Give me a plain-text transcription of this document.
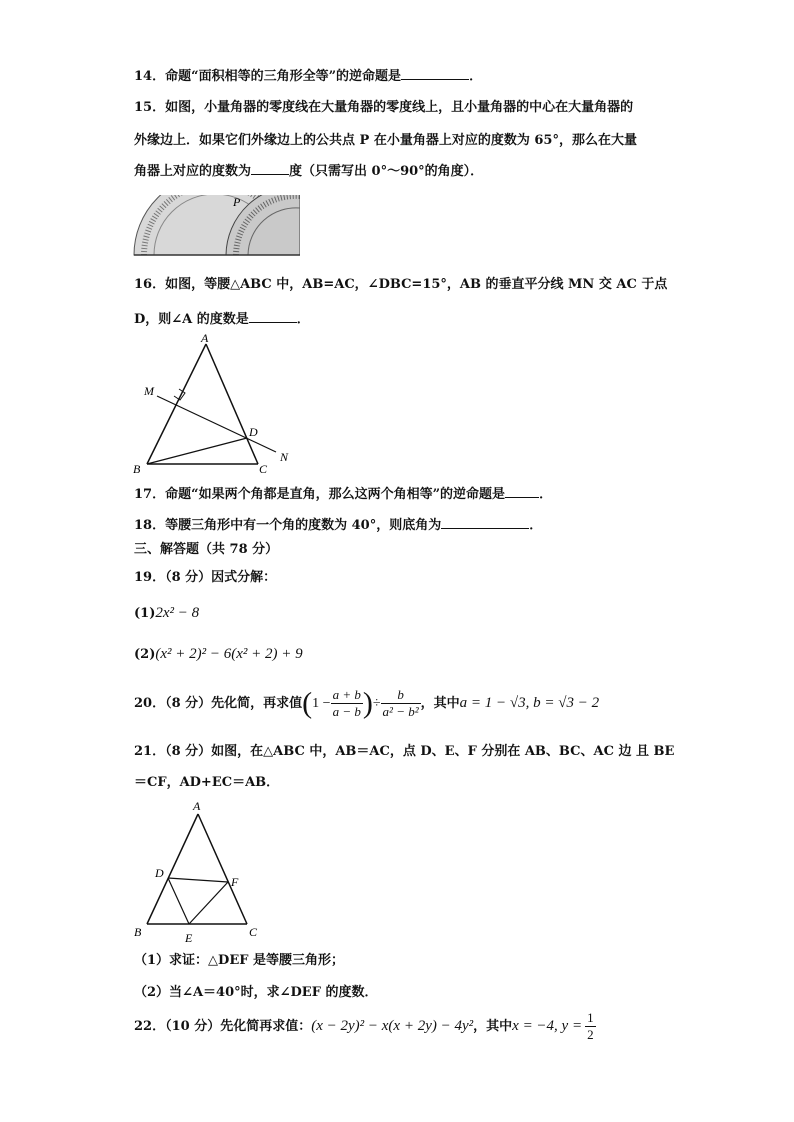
14．命题“面积相等的三角形全等”的逆命题是	．
15．如图，小量角器的零度线在大量角器的零度线上，且小量角器的中心在大量角器的
外缘边上．如果它们外缘边上的公共点 P 在小量角器上对应的度数为 65°，那么在大量
角器上对应的度数为	度（只需写出 0°～90°的角度）．
P
16．如图，等腰△ABC 中，AB=AC，∠DBC=15°，AB 的垂直平分线 MN 交 AC 于点
D，则∠A 的度数是	．
A
M
D
N
B	C
17．命题“如果两个角都是直角，那么这两个角相等”的逆命题是	．
18．等腰三角形中有一个角的度数为 40°，则底角为	．
三、解答题（共 78 分）
19．（8 分）因式分解：
(1)2x² − 8
(2)(x² + 2)² − 6(x² + 2) + 9
20．（8 分）先化简，再求值($1 - \frac{a + b}{a - b}$ )÷ $\frac{b}{\text{a² − b²}}$ ，其中a = 1 − √3, b = √3 − 2
21．（8 分）如图，在△ABC 中，AB＝AC，点 D、E、F 分别在 AB、BC、AC 边 且 BE
＝CF，AD+EC＝AB．
A
D
F
B	E	C
（1）求证：△DEF 是等腰三角形；
（2）当∠A＝40°时，求∠DEF 的度数．
22．（10 分）先化简再求值：(x − 2y)² − x(x + 2y) − 4y²，其中x = −4, $y = \frac{1}{2}$
